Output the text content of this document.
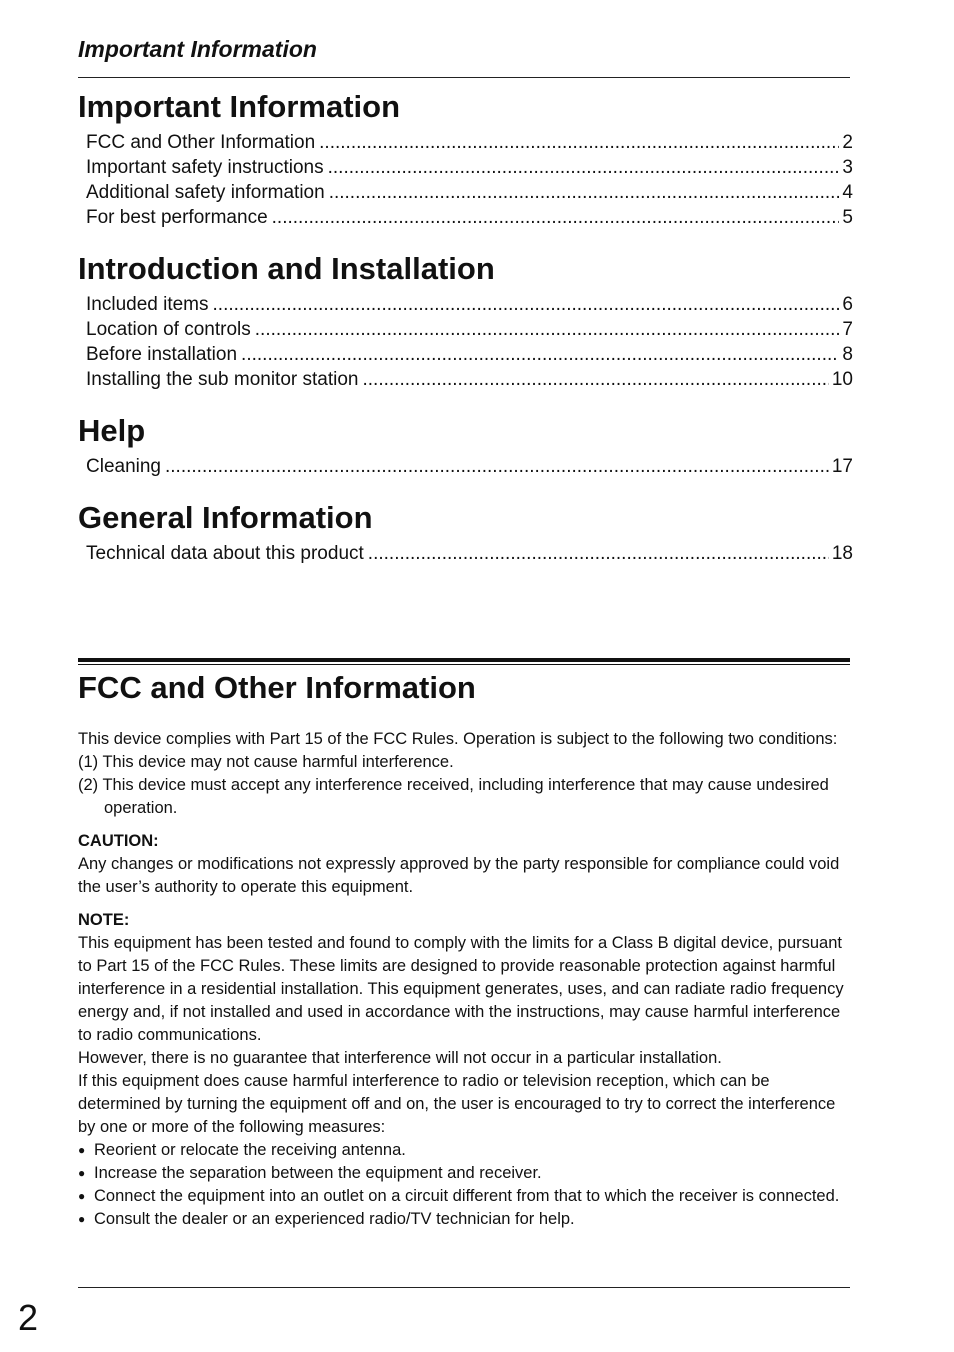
Important Information
Important Information
FCC and Other Information .....	2
Important safety instructions .....	3
Additional safety information .....	4
For best performance .....	5
Introduction and Installation
Included items .....	6
Location of controls .....	7
Before installation .....	8
Installing the sub monitor station .....	10
Help
Cleaning .....	17
General Information
Technical data about this product .....	18
FCC and Other Information

This device complies with Part 15 of the FCC Rules. Operation is subject to the following two conditions:

(1) This device may not cause harmful interference.

(2) This device must accept any interference received, including interference that may cause undesired operation.

CAUTION:

Any changes or modifications not expressly approved by the party responsible for compliance could void the user’s authority to operate this equipment.

NOTE:

This equipment has been tested and found to comply with the limits for a Class B digital device, pursuant to Part 15 of the FCC Rules. These limits are designed to provide reasonable protection against harmful interference in a residential installation. This equipment generates, uses, and can radiate radio frequency energy and, if not installed and used in accordance with the instructions, may cause harmful interference to radio communications.

However, there is no guarantee that interference will not occur in a particular installation.

If this equipment does cause harmful interference to radio or television reception, which can be determined by turning the equipment off and on, the user is encouraged to try to correct the interference by one or more of the following measures:

● Reorient or relocate the receiving antenna.

● Increase the separation between the equipment and receiver.

● Connect the equipment into an outlet on a circuit different from that to which the receiver is connected.

● Consult the dealer or an experienced radio/TV technician for help.

2
